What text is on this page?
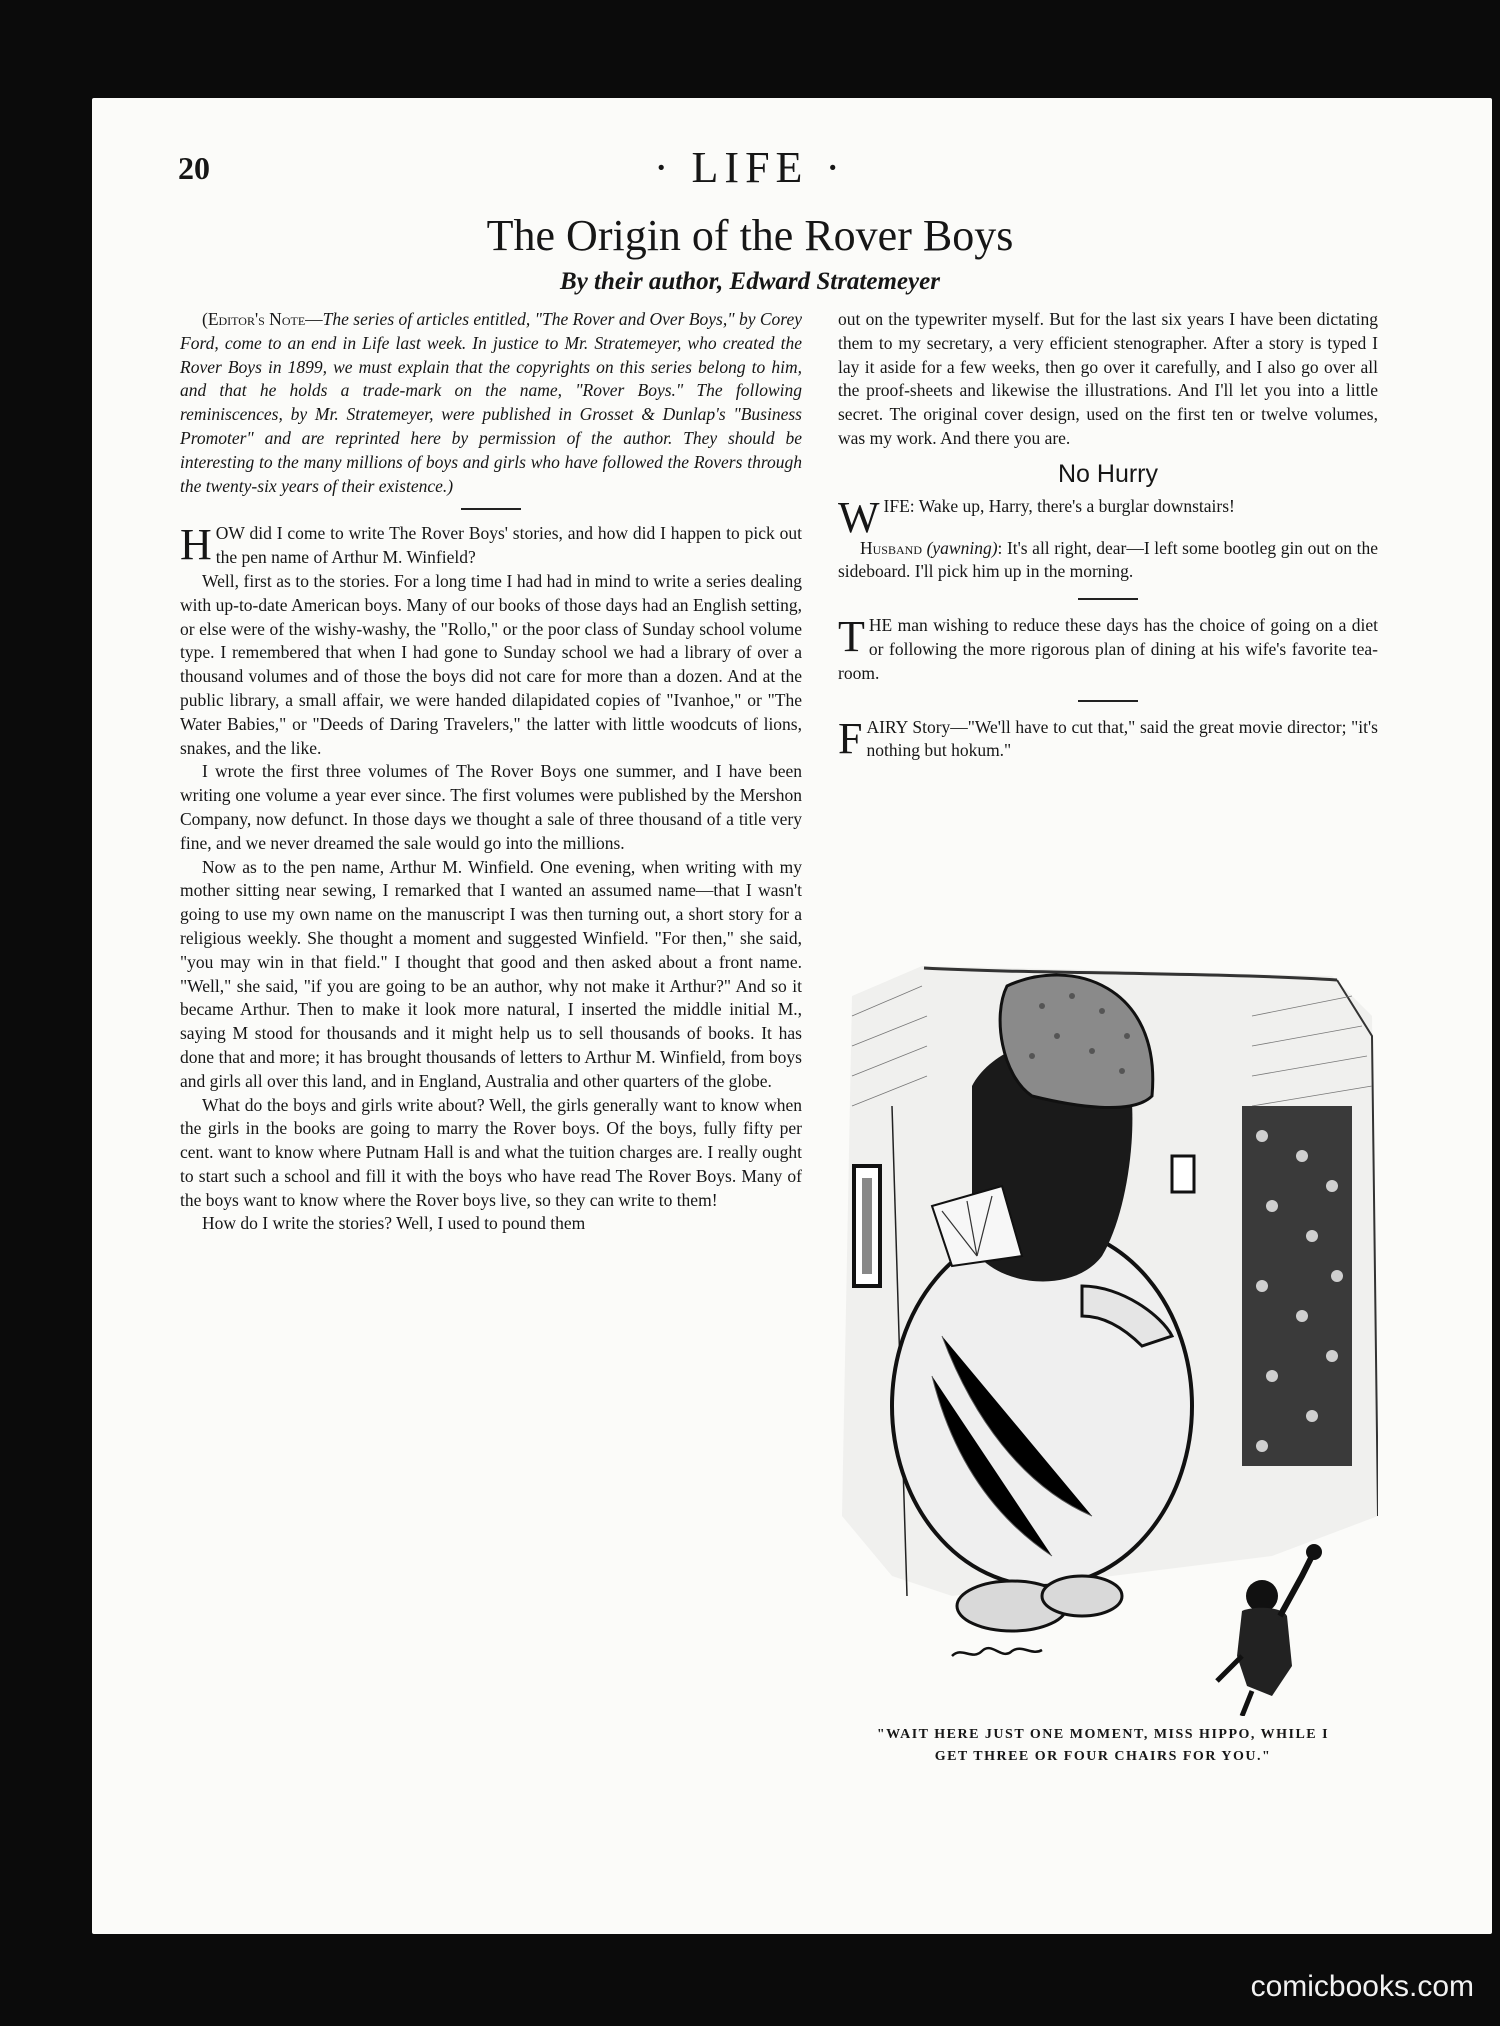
20	· LIFE ·
The Origin of the Rover Boys
By their author, Edward Stratemeyer

(Editor's Note—The series of articles entitled, "The Rover and Over Boys," by Corey Ford, come to an end in Life last week. In justice to Mr. Stratemeyer, who created the Rover Boys in 1899, we must explain that the copyrights on this series belong to him, and that he holds a trade-mark on the name, "Rover Boys." The following reminiscences, by Mr. Stratemeyer, were published in Grosset & Dunlap's "Business Promoter" and are reprinted here by permission of the author. They should be interesting to the many millions of boys and girls who have followed the Rovers through the twenty-six years of their existence.)

HOW did I come to write The Rover Boys' stories, and how did I happen to pick out the pen name of Arthur M. Winfield?

Well, first as to the stories. For a long time I had had in mind to write a series dealing with up-to-date American boys. Many of our books of those days had an English setting, or else were of the wishy-washy, the "Rollo," or the poor class of Sunday school volume type. I remembered that when I had gone to Sunday school we had a library of over a thousand volumes and of those the boys did not care for more than a dozen. And at the public library, a small affair, we were handed dilapidated copies of "Ivanhoe," or "The Water Babies," or "Deeds of Daring Travelers," the latter with little woodcuts of lions, snakes, and the like.

I wrote the first three volumes of The Rover Boys one summer, and I have been writing one volume a year ever since. The first volumes were published by the Mershon Company, now defunct. In those days we thought a sale of three thousand of a title very fine, and we never dreamed the sale would go into the millions.

Now as to the pen name, Arthur M. Winfield. One evening, when writing with my mother sitting near sewing, I remarked that I wanted an assumed name—that I wasn't going to use my own name on the manuscript I was then turning out, a short story for a religious weekly. She thought a moment and suggested Winfield. "For then," she said, "you may win in that field." I thought that good and then asked about a front name. "Well," she said, "if you are going to be an author, why not make it Arthur?" And so it became Arthur. Then to make it look more natural, I inserted the middle initial M., saying M stood for thousands and it might help us to sell thousands of books. It has done that and more; it has brought thousands of letters to Arthur M. Winfield, from boys and girls all over this land, and in England, Australia and other quarters of the globe.

What do the boys and girls write about? Well, the girls generally want to know when the girls in the books are going to marry the Rover boys. Of the boys, fully fifty per cent. want to know where Putnam Hall is and what the tuition charges are. I really ought to start such a school and fill it with the boys who have read The Rover Boys. Many of the boys want to know where the Rover boys live, so they can write to them!

How do I write the stories? Well, I used to pound them

out on the typewriter myself. But for the last six years I have been dictating them to my secretary, a very efficient stenographer. After a story is typed I lay it aside for a few weeks, then go over it carefully, and I also go over all the proof-sheets and likewise the illustrations. And I'll let you into a little secret. The original cover design, used on the first ten or twelve volumes, was my work. And there you are.

No Hurry

WIFE: Wake up, Harry, there's a burglar downstairs!

Husband (yawning): It's all right, dear—I left some bootleg gin out on the sideboard. I'll pick him up in the morning.

THE man wishing to reduce these days has the choice of going on a diet or following the more rigorous plan of dining at his wife's favorite tea-room.

FAIRY Story—"We'll have to cut that," said the great movie director; "it's nothing but hokum."

"WAIT HERE JUST ONE MOMENT, MISS HIPPO, WHILE I
GET THREE OR FOUR CHAIRS FOR YOU."
comicbooks.com
